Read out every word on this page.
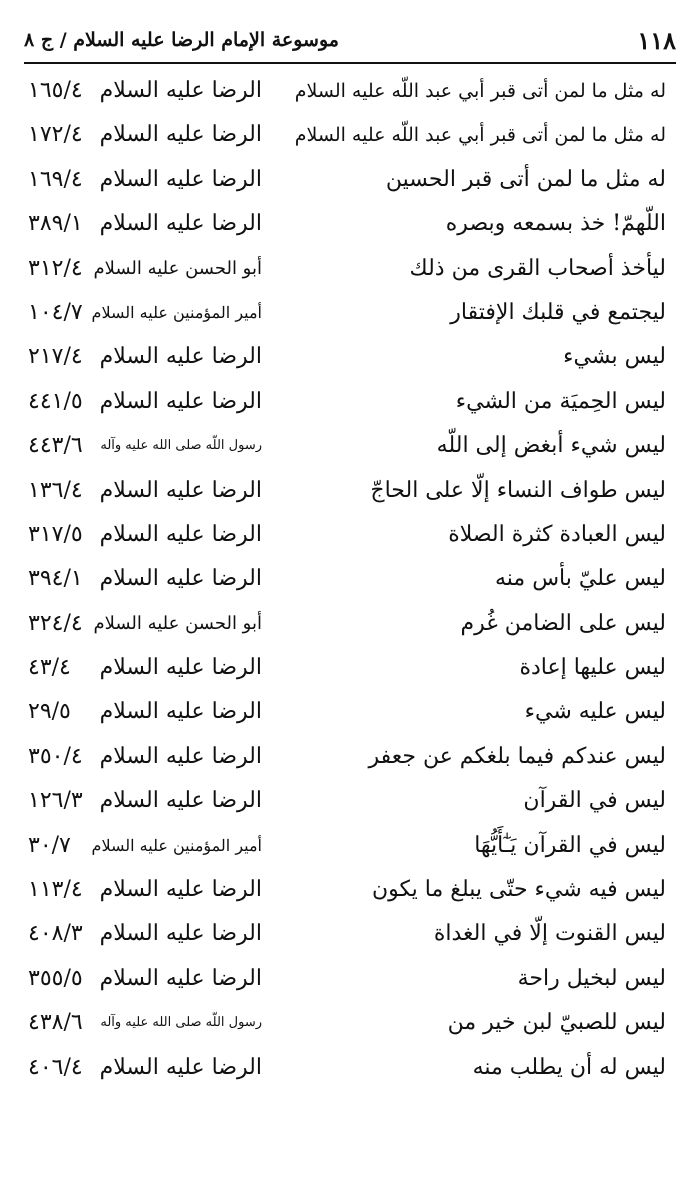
١١٨
موسوعة الإمام الرضا عليه السلام / ج ٨
له مثل ما لمن أتى قبر أبي عبد اللّه عليه السلام
الرضا عليه السلام
١٦٥/٤
له مثل ما لمن أتى قبر أبي عبد اللّه عليه السلام
الرضا عليه السلام
١٧٢/٤
له مثل ما لمن أتى قبر الحسين
الرضا عليه السلام
١٦٩/٤
اللّهمّ! خذ بسمعه وبصره
الرضا عليه السلام
٣٨٩/١
ليأخذ أصحاب القرى من ذلك
أبو الحسن عليه السلام
٣١٢/٤
ليجتمع في قلبك الإفتقار
أمير المؤمنين عليه السلام
١٠٤/٧
ليس بشيء
الرضا عليه السلام
٢١٧/٤
ليس الحِميَة من الشيء
الرضا عليه السلام
٤٤١/٥
ليس شيء أبغض إلى اللّه
رسول اللّه صلى الله عليه وآله
٤٤٣/٦
ليس طواف النساء إلّا على الحاجّ
الرضا عليه السلام
١٣٦/٤
ليس العبادة كثرة الصلاة
الرضا عليه السلام
٣١٧/٥
ليس عليّ بأس منه
الرضا عليه السلام
٣٩٤/١
ليس على الضامن غُرم
أبو الحسن عليه السلام
٣٢٤/٤
ليس عليها إعادة
الرضا عليه السلام
٤٣/٤
ليس عليه شيء
الرضا عليه السلام
٢٩/٥
ليس عندكم فيما بلغكم عن جعفر
الرضا عليه السلام
٣٥٠/٤
ليس في القرآن
الرضا عليه السلام
١٢٦/٣
ليس في القرآن يَـٰٓأَيُّهَا
أمير المؤمنين عليه السلام
٣٠/٧
ليس فيه شيء حتّى يبلغ ما يكون
الرضا عليه السلام
١١٣/٤
ليس القنوت إلّا في الغداة
الرضا عليه السلام
٤٠٨/٣
ليس لبخيل راحة
الرضا عليه السلام
٣٥٥/٥
ليس للصبيّ لبن خير من
رسول اللّه صلى الله عليه وآله
٤٣٨/٦
ليس له أن يطلب منه
الرضا عليه السلام
٤٠٦/٤
